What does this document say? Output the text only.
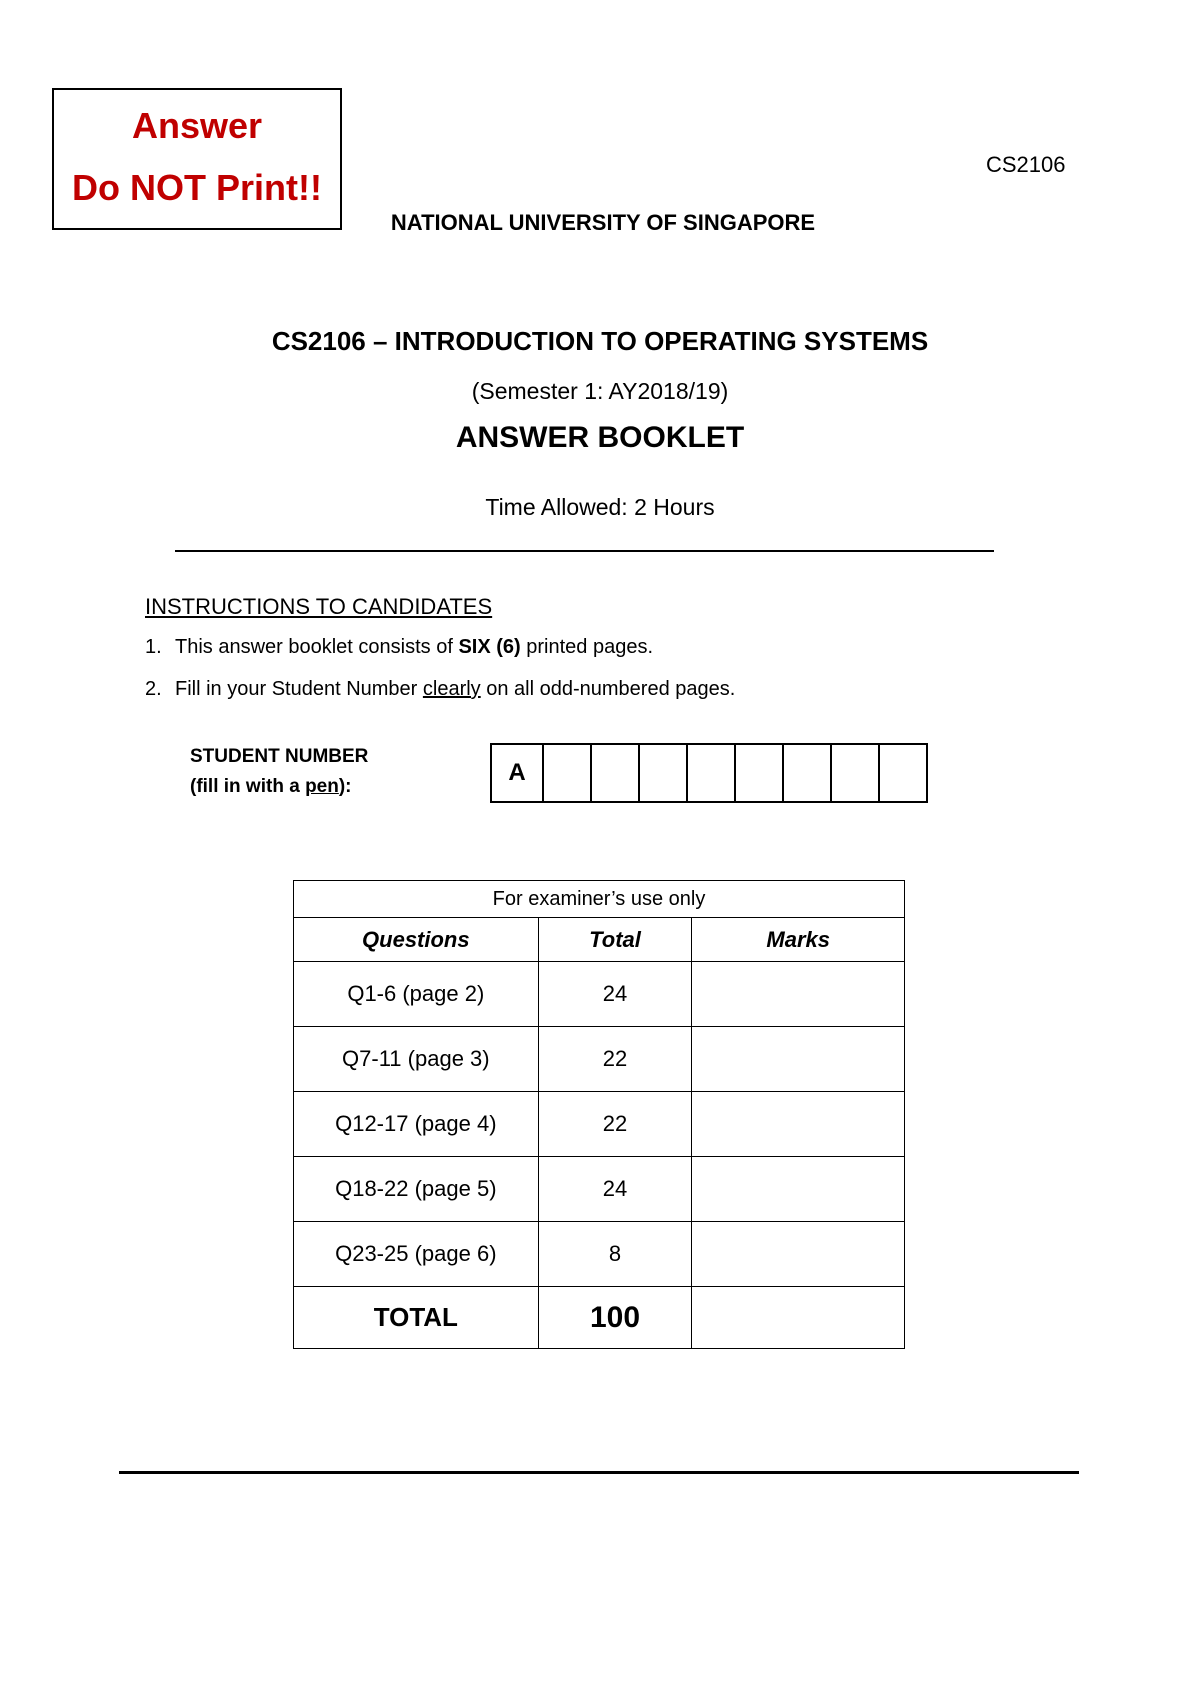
Answer
Do NOT Print!!
CS2106
NATIONAL UNIVERSITY OF SINGAPORE
CS2106 – INTRODUCTION TO OPERATING SYSTEMS
(Semester 1: AY2018/19)
ANSWER BOOKLET
Time Allowed: 2 Hours
INSTRUCTIONS TO CANDIDATES
1. This answer booklet consists of SIX (6) printed pages.
2. Fill in your Student Number clearly on all odd-numbered pages.
STUDENT NUMBER
(fill in with a pen):
A
For examiner’s use only		
Questions	Total	Marks
Q1-6 (page 2)	24	
Q7-11 (page 3)	22	
Q12-17 (page 4)	22	
Q18-22 (page 5)	24	
Q23-25 (page 6)	8	
TOTAL	100	
